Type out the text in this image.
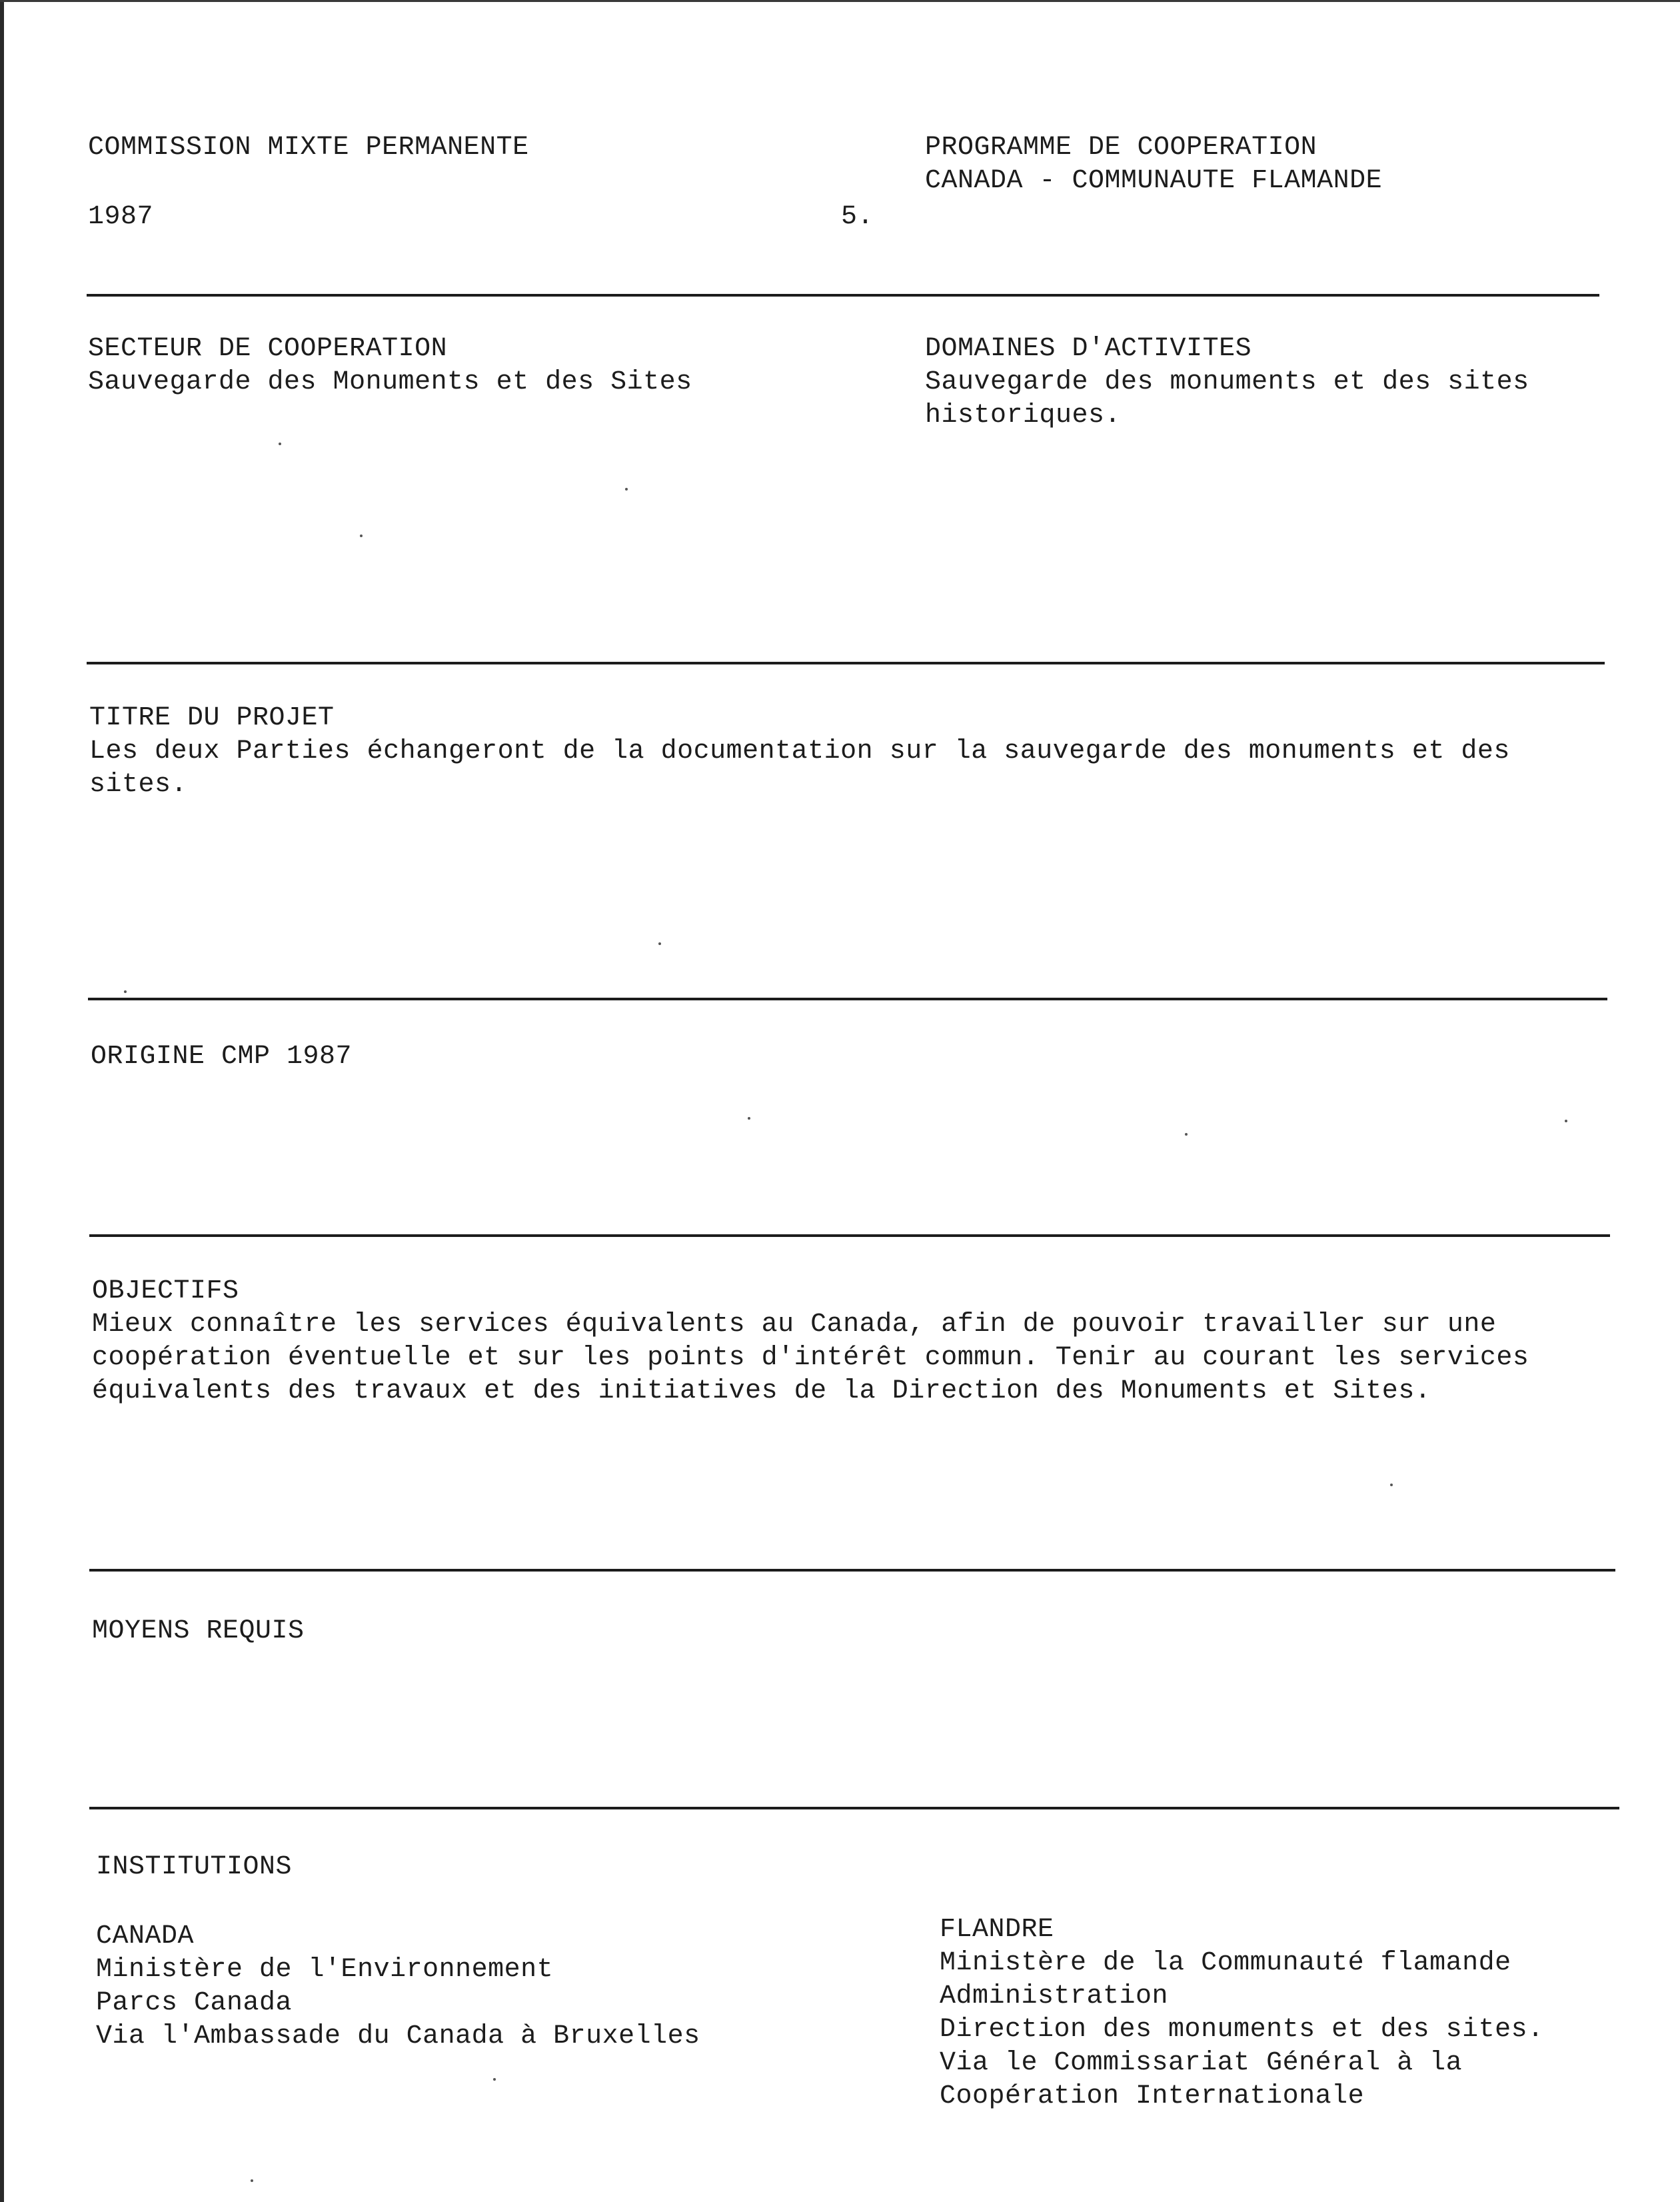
COMMISSION MIXTE PERMANENTE
1987	5.
PROGRAMME DE COOPERATION
CANADA - COMMUNAUTE FLAMANDE
SECTEUR DE COOPERATION
Sauvegarde des Monuments et des Sites
DOMAINES D'ACTIVITES
Sauvegarde des monuments et des sites
historiques.
TITRE DU PROJET
Les deux Parties échangeront de la documentation sur la sauvegarde des monuments et des
sites.
ORIGINE CMP 1987
OBJECTIFS
Mieux connaître les services équivalents au Canada, afin de pouvoir travailler sur une
coopération éventuelle et sur les points d'intérêt commun. Tenir au courant les services
équivalents des travaux et des initiatives de la Direction des Monuments et Sites.
MOYENS REQUIS
INSTITUTIONS
CANADA
Ministère de l'Environnement
Parcs Canada
Via l'Ambassade du Canada à Bruxelles
FLANDRE
Ministère de la Communauté flamande
Administration
Direction des monuments et des sites.
Via le Commissariat Général à la
Coopération Internationale
